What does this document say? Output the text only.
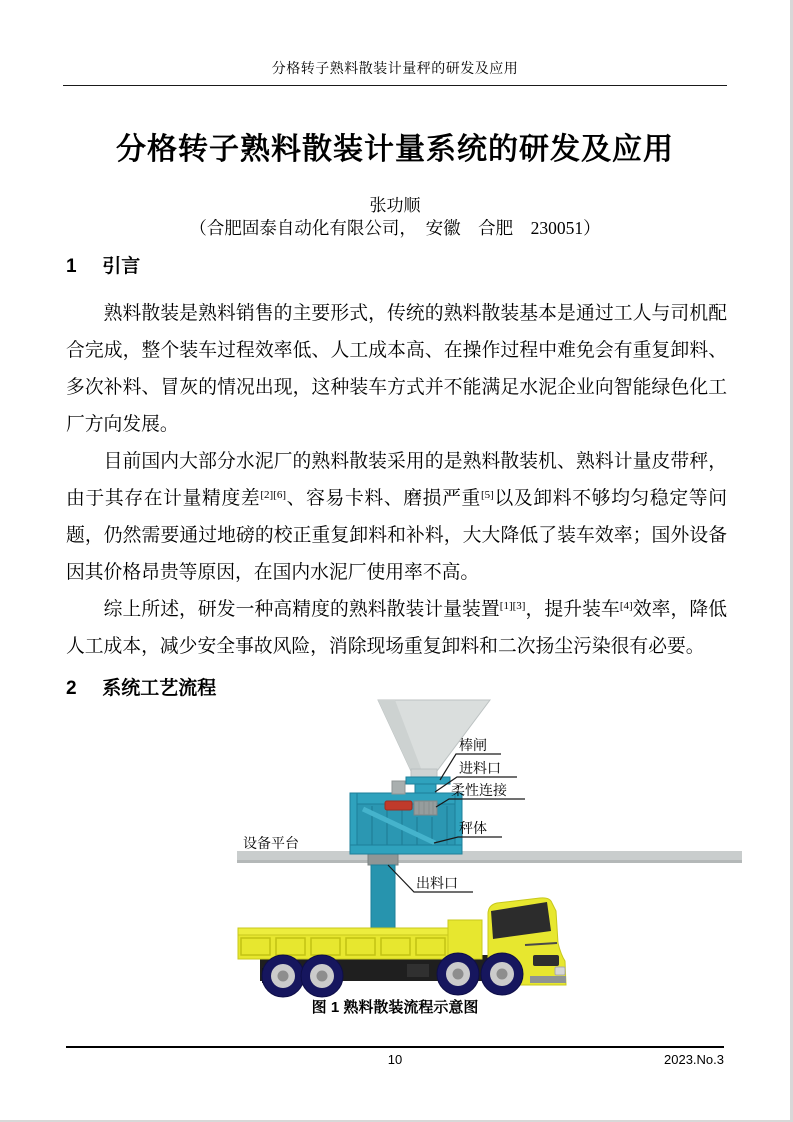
分格转子熟料散装计量秤的研发及应用
分格转子熟料散装计量系统的研发及应用
张功顺
（合肥固泰自动化有限公司，　安徽　合肥　230051）
1 引言

熟料散装是熟料销售的主要形式，传统的熟料散装基本是通过工人与司机配合完成，整个装车过程效率低、人工成本高、在操作过程中难免会有重复卸料、多次补料、冒灰的情况出现，这种装车方式并不能满足水泥企业向智能绿色化工厂方向发展。

目前国内大部分水泥厂的熟料散装采用的是熟料散装机、熟料计量皮带秤，由于其存在计量精度差[2][6]、容易卡料、磨损严重[5]以及卸料不够均匀稳定等问题，仍然需要通过地磅的校正重复卸料和补料，大大降低了装车效率；国外设备因其价格昂贵等原因，在国内水泥厂使用率不高。

综上所述，研发一种高精度的熟料散装计量装置[1][3]，提升装车[4]效率，降低人工成本，减少安全事故风险，消除现场重复卸料和二次扬尘污染很有必要。

2 系统工艺流程
棒闸
进料口
柔性连接
秤体
设备平台
出料口
图 1 熟料散装流程示意图
10	2023.No.3
